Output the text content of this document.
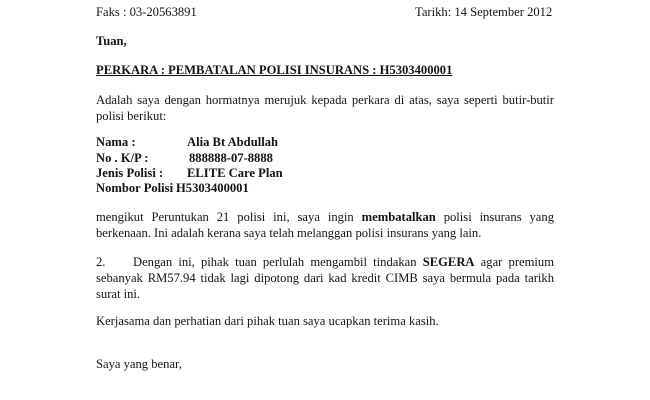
Faks : 03-20563891	Tarikh: 14 September 2012
Tuan,
PERKARA : PEMBATALAN POLISI INSURANS : H5303400001
Adalah saya dengan hormatnya merujuk kepada perkara di atas, saya seperti butir-butir polisi berikut:
Nama :	Alia Bt Abdullah
No . K/P :	888888-07-8888
Jenis Polisi : ELITE Care Plan
Nombor Polisi :
H5303400001
mengikut Peruntukan 21 polisi ini, saya ingin membatalkan polisi insurans yang berkenaan. Ini adalah kerana saya telah melanggan polisi insurans yang lain.
2.	Dengan ini, pihak tuan perlulah mengambil tindakan SEGERA agar premium sebanyak RM57.94 tidak lagi dipotong dari kad kredit CIMB saya bermula pada tarikh surat ini.
Kerjasama dan perhatian dari pihak tuan saya ucapkan terima kasih.
Saya yang benar,
